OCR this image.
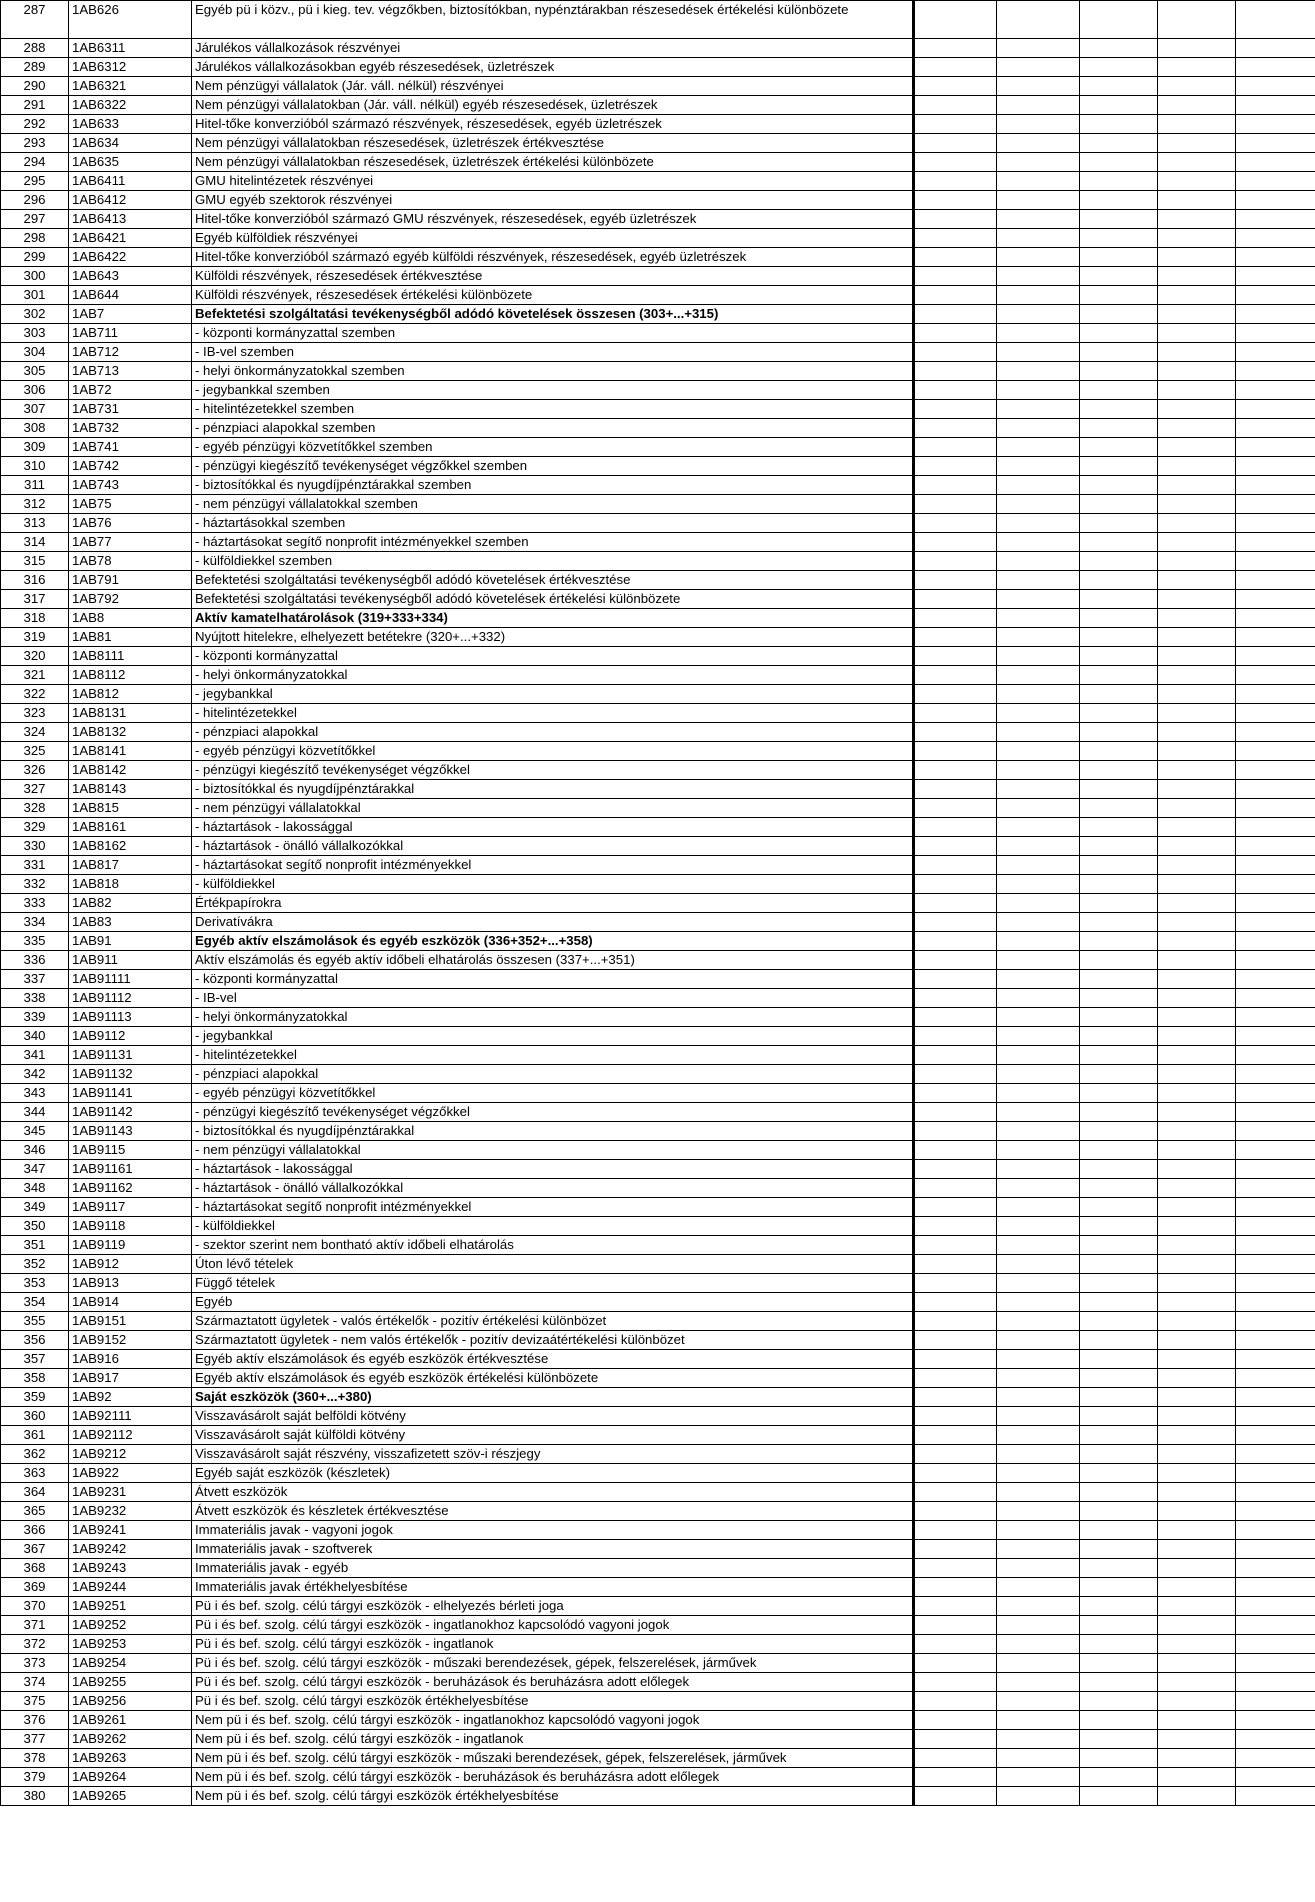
287	1AB626	Egyéb pü i közv., pü i kieg. tev. végzőkben, biztosítókban, nypénztárakban részesedések értékelési különbözete						
288	1AB6311	Járulékos vállalkozások részvényei						
289	1AB6312	Járulékos vállalkozásokban egyéb részesedések, üzletrészek						
290	1AB6321	Nem pénzügyi vállalatok (Jár. váll. nélkül) részvényei						
291	1AB6322	Nem pénzügyi vállalatokban (Jár. váll. nélkül) egyéb részesedések, üzletrészek						
292	1AB633	Hitel-tőke konverzióból származó részvények, részesedések, egyéb üzletrészek						
293	1AB634	Nem pénzügyi vállalatokban részesedések, üzletrészek értékvesztése						
294	1AB635	Nem pénzügyi vállalatokban részesedések, üzletrészek értékelési különbözete						
295	1AB6411	GMU hitelintézetek részvényei						
296	1AB6412	GMU egyéb szektorok részvényei						
297	1AB6413	Hitel-tőke konverzióból származó GMU részvények, részesedések, egyéb üzletrészek						
298	1AB6421	Egyéb külföldiek részvényei						
299	1AB6422	Hitel-tőke konverzióból származó egyéb külföldi részvények, részesedések, egyéb üzletrészek						
300	1AB643	Külföldi részvények, részesedések értékvesztése						
301	1AB644	Külföldi részvények, részesedések értékelési különbözete						
302	1AB7	Befektetési szolgáltatási tevékenységből adódó követelések összesen (303+...+315)						
303	1AB711	- központi kormányzattal szemben						
304	1AB712	- IB-vel szemben						
305	1AB713	- helyi önkormányzatokkal szemben						
306	1AB72	- jegybankkal szemben						
307	1AB731	- hitelintézetekkel szemben						
308	1AB732	- pénzpiaci alapokkal szemben						
309	1AB741	- egyéb pénzügyi közvetítőkkel szemben						
310	1AB742	- pénzügyi kiegészítő tevékenységet végzőkkel szemben						
311	1AB743	- biztosítókkal és nyugdíjpénztárakkal szemben						
312	1AB75	- nem pénzügyi vállalatokkal szemben						
313	1AB76	- háztartásokkal szemben						
314	1AB77	- háztartásokat segítő nonprofit intézményekkel szemben						
315	1AB78	- külföldiekkel szemben						
316	1AB791	Befektetési szolgáltatási tevékenységből adódó követelések értékvesztése						
317	1AB792	Befektetési szolgáltatási tevékenységből adódó követelések értékelési különbözete						
318	1AB8	Aktív kamatelhatárolások (319+333+334)						
319	1AB81	Nyújtott hitelekre, elhelyezett betétekre (320+...+332)						
320	1AB8111	- központi kormányzattal						
321	1AB8112	- helyi önkormányzatokkal						
322	1AB812	- jegybankkal						
323	1AB8131	- hitelintézetekkel						
324	1AB8132	- pénzpiaci alapokkal						
325	1AB8141	- egyéb pénzügyi közvetítőkkel						
326	1AB8142	- pénzügyi kiegészítő tevékenységet végzőkkel						
327	1AB8143	- biztosítókkal és nyugdíjpénztárakkal						
328	1AB815	- nem pénzügyi vállalatokkal						
329	1AB8161	- háztartások - lakossággal						
330	1AB8162	- háztartások - önálló vállalkozókkal						
331	1AB817	- háztartásokat segítő nonprofit intézményekkel						
332	1AB818	- külföldiekkel						
333	1AB82	Értékpapírokra						
334	1AB83	Derivatívákra						
335	1AB91	Egyéb aktív elszámolások és egyéb eszközök (336+352+...+358)						
336	1AB911	Aktív elszámolás és egyéb aktív időbeli elhatárolás összesen (337+...+351)						
337	1AB91111	- központi kormányzattal						
338	1AB91112	- IB-vel						
339	1AB91113	- helyi önkormányzatokkal						
340	1AB9112	- jegybankkal						
341	1AB91131	- hitelintézetekkel						
342	1AB91132	- pénzpiaci alapokkal						
343	1AB91141	- egyéb pénzügyi közvetítőkkel						
344	1AB91142	- pénzügyi kiegészítő tevékenységet végzőkkel						
345	1AB91143	- biztosítókkal és nyugdíjpénztárakkal						
346	1AB9115	- nem pénzügyi vállalatokkal						
347	1AB91161	- háztartások - lakossággal						
348	1AB91162	- háztartások - önálló vállalkozókkal						
349	1AB9117	- háztartásokat segítő nonprofit intézményekkel						
350	1AB9118	- külföldiekkel						
351	1AB9119	- szektor szerint nem bontható aktív időbeli elhatárolás						
352	1AB912	Úton lévő tételek						
353	1AB913	Függő tételek						
354	1AB914	Egyéb						
355	1AB9151	Származtatott ügyletek - valós értékelők - pozitív értékelési különbözet						
356	1AB9152	Származtatott ügyletek - nem valós értékelők - pozitív devizaátértékelési különbözet						
357	1AB916	Egyéb aktív elszámolások és egyéb eszközök értékvesztése						
358	1AB917	Egyéb aktív elszámolások és egyéb eszközök értékelési különbözete						
359	1AB92	Saját eszközök (360+...+380)						
360	1AB92111	Visszavásárolt saját belföldi kötvény						
361	1AB92112	Visszavásárolt saját külföldi kötvény						
362	1AB9212	Visszavásárolt saját részvény, visszafizetett szöv-i részjegy						
363	1AB922	Egyéb saját eszközök (készletek)						
364	1AB9231	Átvett eszközök						
365	1AB9232	Átvett eszközök és készletek értékvesztése						
366	1AB9241	Immateriális javak - vagyoni jogok						
367	1AB9242	Immateriális javak - szoftverek						
368	1AB9243	Immateriális javak - egyéb						
369	1AB9244	Immateriális javak értékhelyesbítése						
370	1AB9251	Pü i és bef. szolg. célú tárgyi eszközök - elhelyezés bérleti joga						
371	1AB9252	Pü i és bef. szolg. célú tárgyi eszközök - ingatlanokhoz kapcsolódó vagyoni jogok						
372	1AB9253	Pü i és bef. szolg. célú tárgyi eszközök - ingatlanok						
373	1AB9254	Pü i és bef. szolg. célú tárgyi eszközök - műszaki berendezések, gépek, felszerelések, járművek						
374	1AB9255	Pü i és bef. szolg. célú tárgyi eszközök - beruházások és beruházásra adott előlegek						
375	1AB9256	Pü i és bef. szolg. célú tárgyi eszközök értékhelyesbítése						
376	1AB9261	Nem pü i és bef. szolg. célú tárgyi eszközök - ingatlanokhoz kapcsolódó vagyoni jogok						
377	1AB9262	Nem pü i és bef. szolg. célú tárgyi eszközök - ingatlanok						
378	1AB9263	Nem pü i és bef. szolg. célú tárgyi eszközök - műszaki berendezések, gépek, felszerelések, járművek						
379	1AB9264	Nem pü i és bef. szolg. célú tárgyi eszközök - beruházások és beruházásra adott előlegek						
380	1AB9265	Nem pü i és bef. szolg. célú tárgyi eszközök értékhelyesbítése						
